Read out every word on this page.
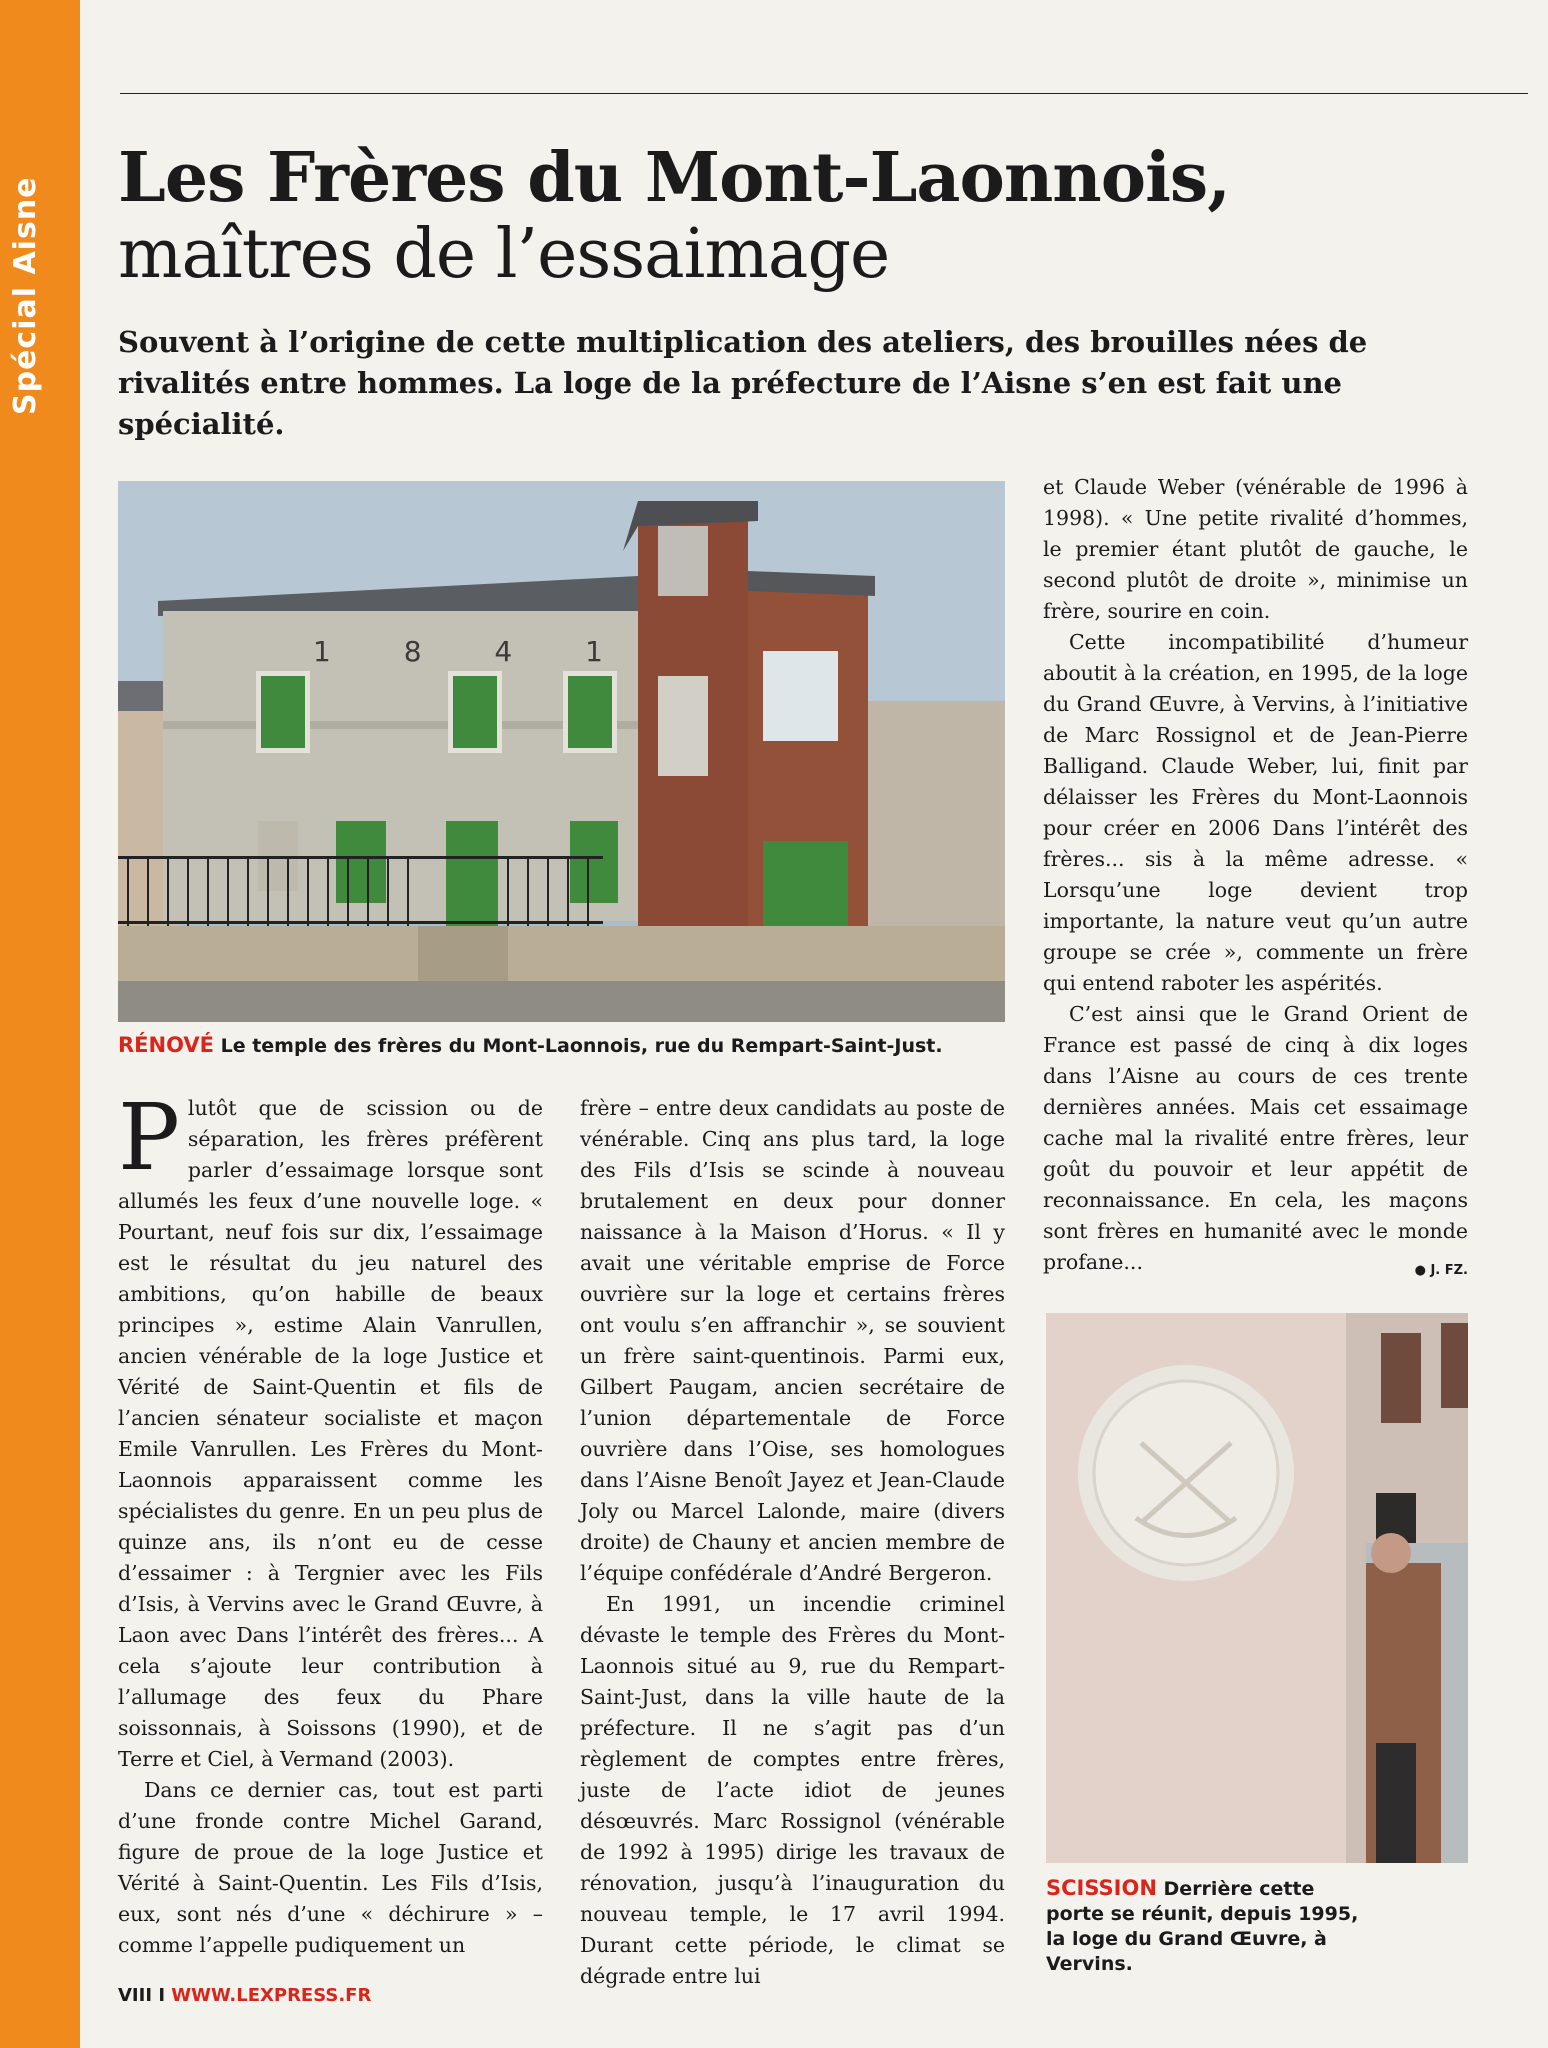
Spécial Aisne Les Frères du Mont-Laonnois,
maîtres de l’essaimage

Souvent à l’origine de cette multiplication des ateliers, des brouilles nées de rivalités entre hommes. La loge de la préfecture de l’Aisne s’en est fait une spécialité.

1 8 4 1
RÉNOVÉ Le temple des frères du Mont-Laonnois, rue du Rempart-Saint-Just.

Plutôt que de scission ou de séparation, les frères préfèrent parler d’essaimage lorsque sont allumés les feux d’une nouvelle loge. « Pourtant, neuf fois sur dix, l’essaimage est le résultat du jeu naturel des ambitions, qu’on habille de beaux principes », estime Alain Vanrullen, ancien vénérable de la loge Justice et Vérité de Saint-Quentin et fils de l’ancien sénateur socialiste et maçon Emile Vanrullen. Les Frères du Mont-Laonnois apparaissent comme les spécialistes du genre. En un peu plus de quinze ans, ils n’ont eu de cesse d’essaimer : à Tergnier avec les Fils d’Isis, à Vervins avec le Grand Œuvre, à Laon avec Dans l’intérêt des frères... A cela s’ajoute leur contribution à l’allumage des feux du Phare soissonnais, à Soissons (1990), et de Terre et Ciel, à Vermand (2003).

Dans ce dernier cas, tout est parti d’une fronde contre Michel Garand, figure de proue de la loge Justice et Vérité à Saint-Quentin. Les Fils d’Isis, eux, sont nés d’une « déchirure » – comme l’appelle pudiquement un

frère – entre deux candidats au poste de vénérable. Cinq ans plus tard, la loge des Fils d’Isis se scinde à nouveau brutalement en deux pour donner naissance à la Maison d’Horus. « Il y avait une véritable emprise de Force ouvrière sur la loge et certains frères ont voulu s’en affranchir », se souvient un frère saint-quentinois. Parmi eux, Gilbert Paugam, ancien secrétaire de l’union départementale de Force ouvrière dans l’Oise, ses homologues dans l’Aisne Benoît Jayez et Jean-Claude Joly ou Marcel Lalonde, maire (divers droite) de Chauny et ancien membre de l’équipe confédérale d’André Bergeron.

En 1991, un incendie criminel dévaste le temple des Frères du Mont-Laonnois situé au 9, rue du Rempart-Saint-Just, dans la ville haute de la préfecture. Il ne s’agit pas d’un règlement de comptes entre frères, juste de l’acte idiot de jeunes désœuvrés. Marc Rossignol (vénérable de 1992 à 1995) dirige les travaux de rénovation, jusqu’à l’inauguration du nouveau temple, le 17 avril 1994. Durant cette période, le climat se dégrade entre lui

et Claude Weber (vénérable de 1996 à 1998). « Une petite rivalité d’hommes, le premier étant plutôt de gauche, le second plutôt de droite », minimise un frère, sourire en coin.

Cette incompatibilité d’humeur aboutit à la création, en 1995, de la loge du Grand Œuvre, à Vervins, à l’initiative de Marc Rossignol et de Jean-Pierre Balligand. Claude Weber, lui, finit par délaisser les Frères du Mont-Laonnois pour créer en 2006 Dans l’intérêt des frères... sis à la même adresse. « Lorsqu’une loge devient trop importante, la nature veut qu’un autre groupe se crée », commente un frère qui entend raboter les aspérités.

C’est ainsi que le Grand Orient de France est passé de cinq à dix loges dans l’Aisne au cours de ces trente dernières années. Mais cet essaimage cache mal la rivalité entre frères, leur goût du pouvoir et leur appétit de reconnaissance. En cela, les maçons sont frères en humanité avec le monde profane...	● J. FZ.

SCISSION Derrière cette porte se réunit, depuis 1995, la loge du Grand Œuvre, à Vervins.
VIII I WWW.LEXPRESS.FR
